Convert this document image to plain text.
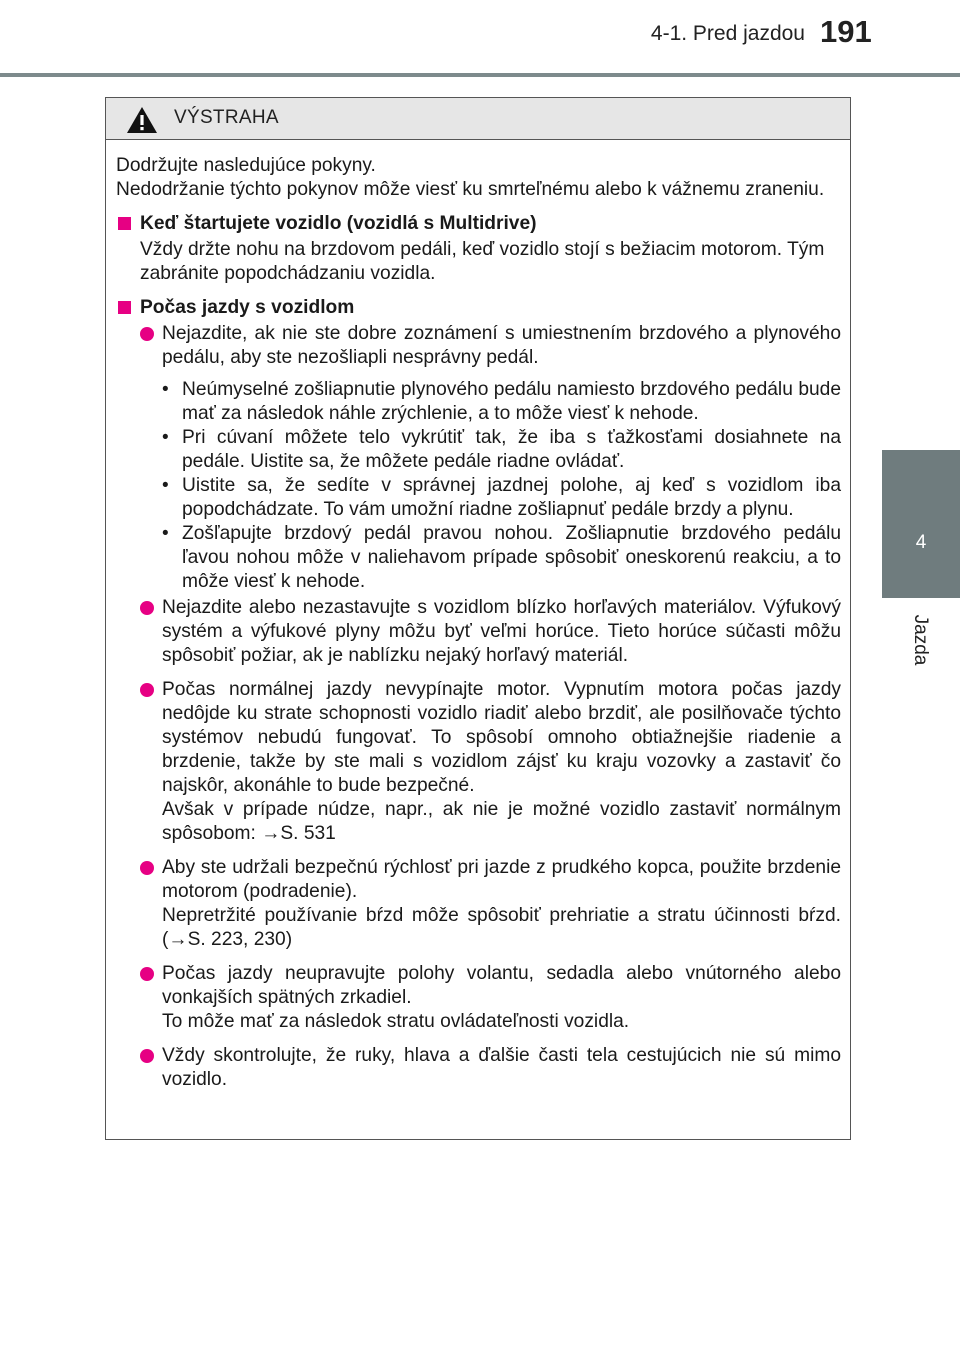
4-1. Pred jazdou 191
4
Jazda
VÝSTRAHA
Dodržujte nasledujúce pokyny.
Nedodržanie týchto pokynov môže viesť ku smrteľnému alebo k vážnemu zraneniu.
Keď štartujete vozidlo (vozidlá s Multidrive)
Vždy držte nohu na brzdovom pedáli, keď vozidlo stojí s bežiacim motorom. Tým zabránite popodchádzaniu vozidla.
Počas jazdy s vozidlom
Nejazdite, ak nie ste dobre zoznámení s umiestnením brzdového a plynového pedálu, aby ste nezošliapli nesprávny pedál.
• Neúmyselné zošliapnutie plynového pedálu namiesto brzdového pedálu bude mať za následok náhle zrýchlenie, a to môže viesť k nehode.
• Pri cúvaní môžete telo vykrútiť tak, že iba s ťažkosťami dosiahnete na pedále. Uistite sa, že môžete pedále riadne ovládať.
• Uistite sa, že sedíte v správnej jazdnej polohe, aj keď s vozidlom iba popodchádzate. To vám umožní riadne zošliapnuť pedále brzdy a plynu.
• Zošľapujte brzdový pedál pravou nohou. Zošliapnutie brzdového pedálu ľavou nohou môže v naliehavom prípade spôsobiť oneskorenú reakciu, a to môže viesť k nehode.
Nejazdite alebo nezastavujte s vozidlom blízko horľavých materiálov. Výfukový systém a výfukové plyny môžu byť veľmi horúce. Tieto horúce súčasti môžu spôsobiť požiar, ak je nablízku nejaký horľavý materiál.
Počas normálnej jazdy nevypínajte motor. Vypnutím motora počas jazdy nedôjde ku strate schopnosti vozidlo riadiť alebo brzdiť, ale posilňovače týchto systémov nebudú fungovať. To spôsobí omnoho obtiažnejšie riadenie a brzdenie, takže by ste mali s vozidlom zájsť ku kraju vozovky a zastaviť čo najskôr, akonáhle to bude bezpečné.
Avšak v prípade núdze, napr., ak nie je možné vozidlo zastaviť normálnym spôsobom: →S. 531
Aby ste udržali bezpečnú rýchlosť pri jazde z prudkého kopca, použite brzdenie motorom (podradenie).
Nepretržité používanie bŕzd môže spôsobiť prehriatie a stratu účinnosti bŕzd. (→S. 223, 230)
Počas jazdy neupravujte polohy volantu, sedadla alebo vnútorného alebo vonkajších spätných zrkadiel.
To môže mať za následok stratu ovládateľnosti vozidla.
Vždy skontrolujte, že ruky, hlava a ďalšie časti tela cestujúcich nie sú mimo vozidlo.
